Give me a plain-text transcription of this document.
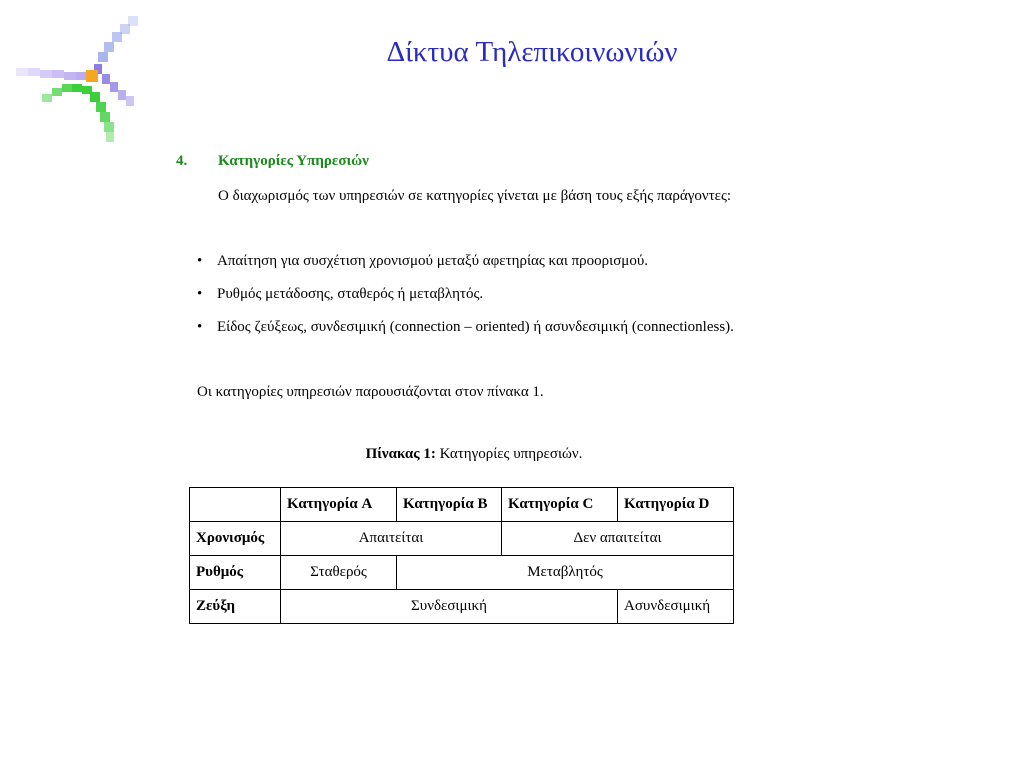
Δίκτυα Τηλεπικοινωνιών
4. Κατηγορίες Υπηρεσιών
Ο διαχωρισμός των υπηρεσιών σε κατηγορίες γίνεται με βάση τους εξής παράγοντες:
• Απαίτηση για συσχέτιση χρονισμού μεταξύ αφετηρίας και προορισμού.
• Ρυθμός μετάδοσης, σταθερός ή μεταβλητός.
• Είδος ζεύξεως, συνδεσιμική (connection – oriented) ή ασυνδεσιμική (connectionless).
Οι κατηγορίες υπηρεσιών παρουσιάζονται στον πίνακα 1.
Πίνακας 1: Κατηγορίες υπηρεσιών.
	Κατηγορία A	Κατηγορία B	Κατηγορία C	Κατηγορία D
Χρονισμός	Απαιτείται		Δεν απαιτείται	
Ρυθμός	Σταθερός	Μεταβλητός		
Ζεύξη	Συνδεσιμική			Ασυνδεσιμική
